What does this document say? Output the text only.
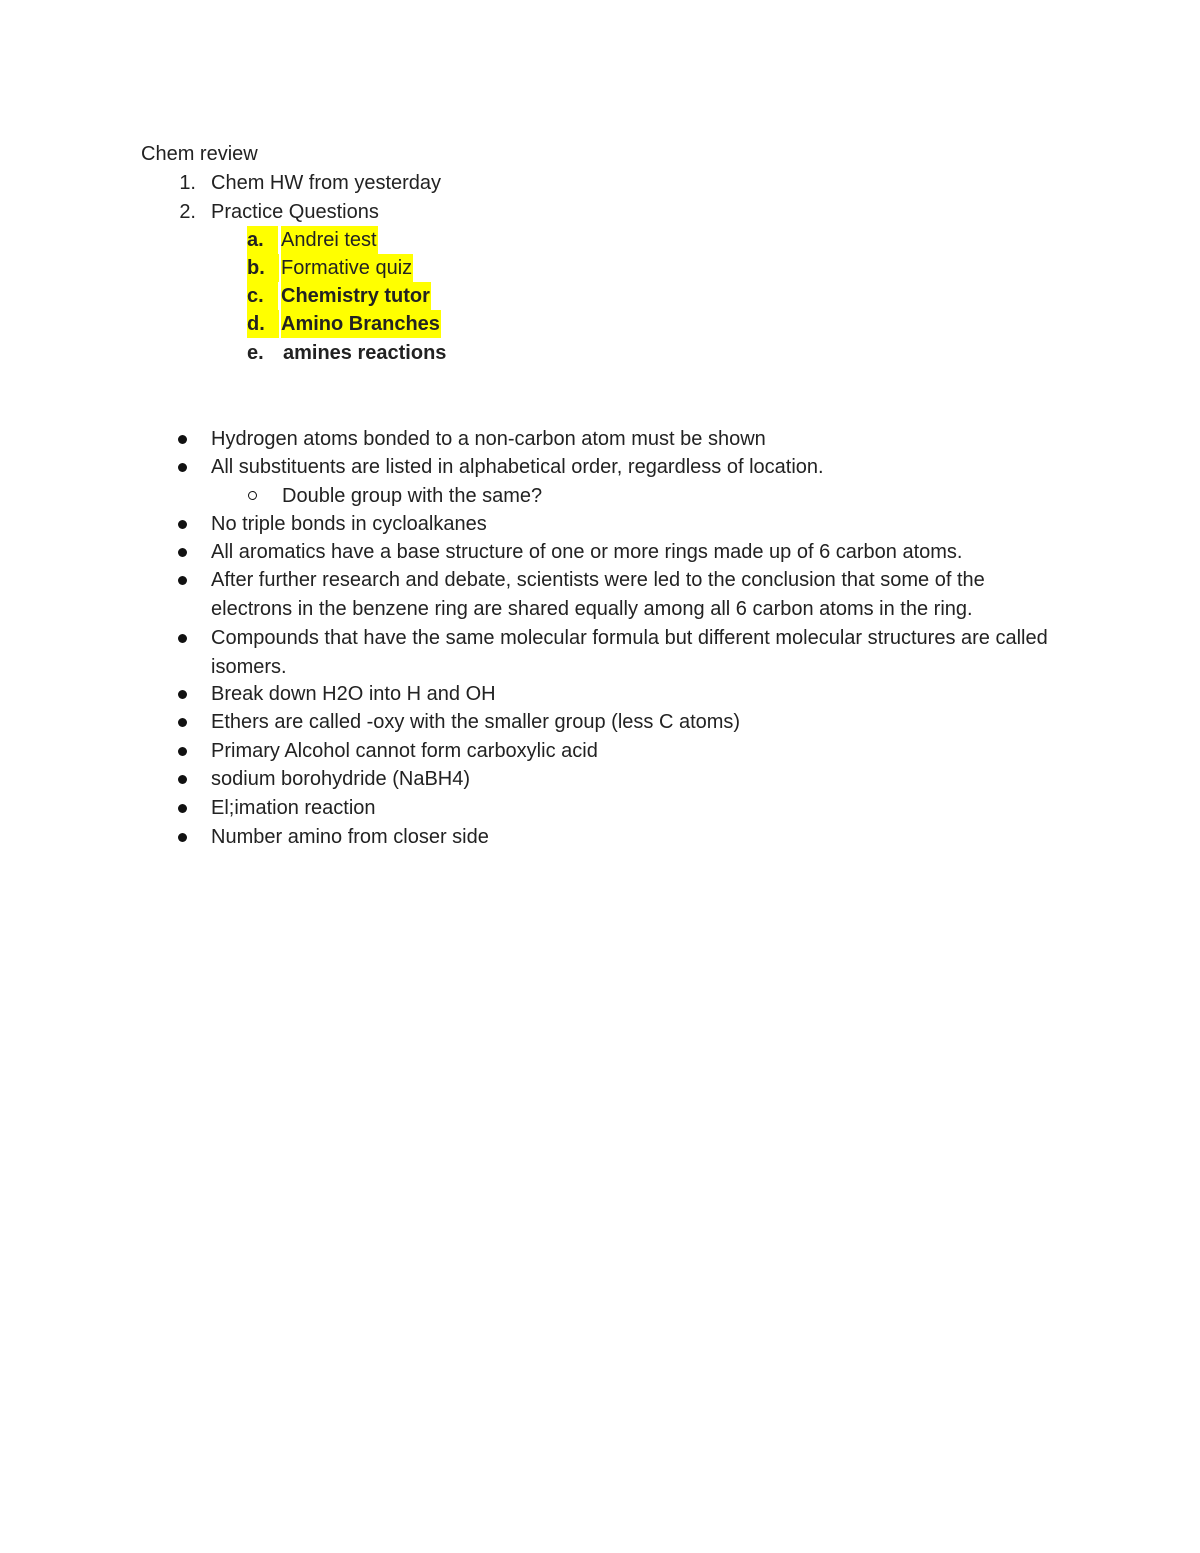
Chem review
1. Chem HW from yesterday
2. Practice Questions
a. Andrei test
b. Formative quiz
c. Chemistry tutor
d. Amino Branches
e. amines reactions
Hydrogen atoms bonded to a non-carbon atom must be shown
All substituents are listed in alphabetical order, regardless of location.
Double group with the same?
No triple bonds in cycloalkanes
All aromatics have a base structure of one or more rings made up of 6 carbon atoms.
After further research and debate, scientists were led to the conclusion that some of the electrons in the benzene ring are shared equally among all 6 carbon atoms in the ring.
Compounds that have the same molecular formula but different molecular structures are called isomers.
Break down H2O into H and OH
Ethers are called -oxy with the smaller group (less C atoms)
Primary Alcohol cannot form carboxylic acid
sodium borohydride (NaBH4)
El;imation reaction
Number amino from closer side
